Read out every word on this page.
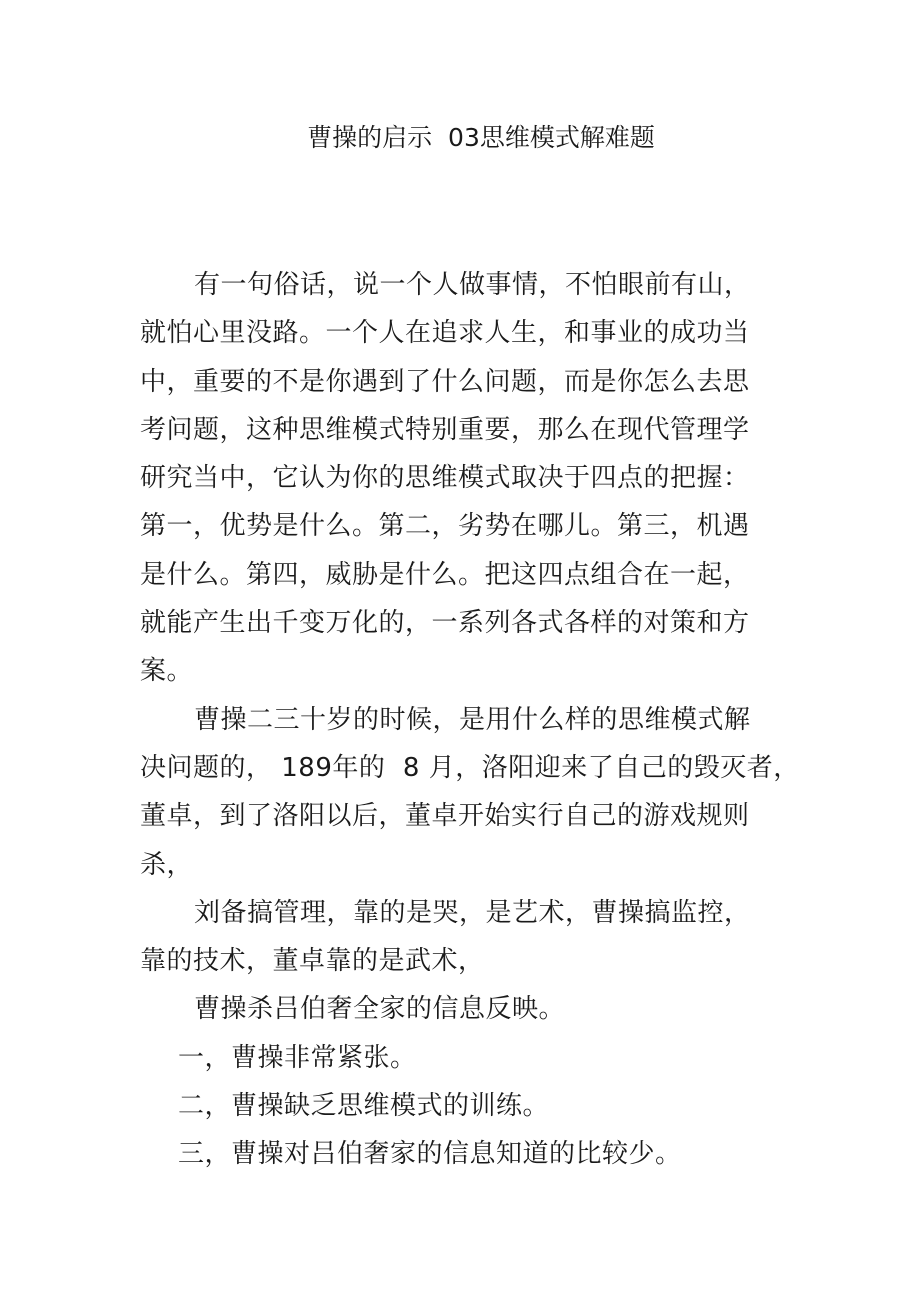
曹操的启示  03思维模式解难题
有一句俗话，说一个人做事情，不怕眼前有山，
就怕心里没路。一个人在追求人生，和事业的成功当
中，重要的不是你遇到了什么问题，而是你怎么去思
考问题，这种思维模式特别重要，那么在现代管理学
研究当中，它认为你的思维模式取决于四点的把握：
第一，优势是什么。第二，劣势在哪儿。第三，机遇
是什么。第四，威胁是什么。把这四点组合在一起，
就能产生出千变万化的，一系列各式各样的对策和方
案。
曹操二三十岁的时候，是用什么样的思维模式解
决问题的， 189年的  8 月，洛阳迎来了自己的毁灭者，
董卓，到了洛阳以后，董卓开始实行自己的游戏规则
杀，
刘备搞管理，靠的是哭，是艺术，曹操搞监控，
靠的技术，董卓靠的是武术，
曹操杀吕伯奢全家的信息反映。
一，曹操非常紧张。
二，曹操缺乏思维模式的训练。
三，曹操对吕伯奢家的信息知道的比较少。
